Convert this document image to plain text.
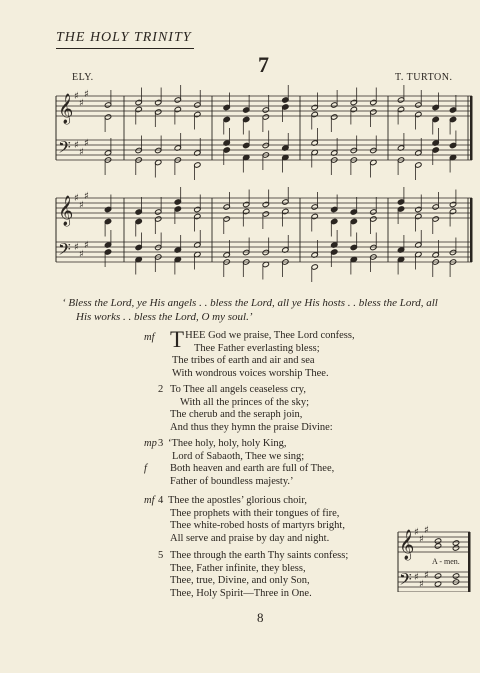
THE HOLY TRINITY
7
ELY.	T. TURTON.
𝄞
𝄢
♯
♯
♯
♯
♯
♯
𝄞
𝄢
♯
♯
♯
♯
♯
♯
‘ Bless the Lord, ye His angels . . bless the Lord, all ye His hosts . . bless the Lord, all
His works . . bless the Lord, O my soul.’
mf T HEE God we praise, Thee Lord confess,
Thee Father everlasting bless;
The tribes of earth and air and sea
With wondrous voices worship Thee.
2 To Thee all angels ceaseless cry,
With all the princes of the sky;
The cherub and the seraph join,
And thus they hymn the praise Divine:
mp 3
f
‘Thee holy, holy, holy King,
Lord of Sabaoth, Thee we sing;
Both heaven and earth are full of Thee,
Father of boundless majesty.’
mf 4 Thee the apostles’ glorious choir,
Thee prophets with their tongues of fire,
Thee white-robed hosts of martyrs bright,
All serve and praise by day and night.
5 Thee through the earth Thy saints confess;
Thee, Father infinite, they bless,
Thee, true, Divine, and only Son,
Thee, Holy Spirit—Three in One.
𝄞
𝄢
♯
♯
♯
♯
♯
♯
A - men.
8
